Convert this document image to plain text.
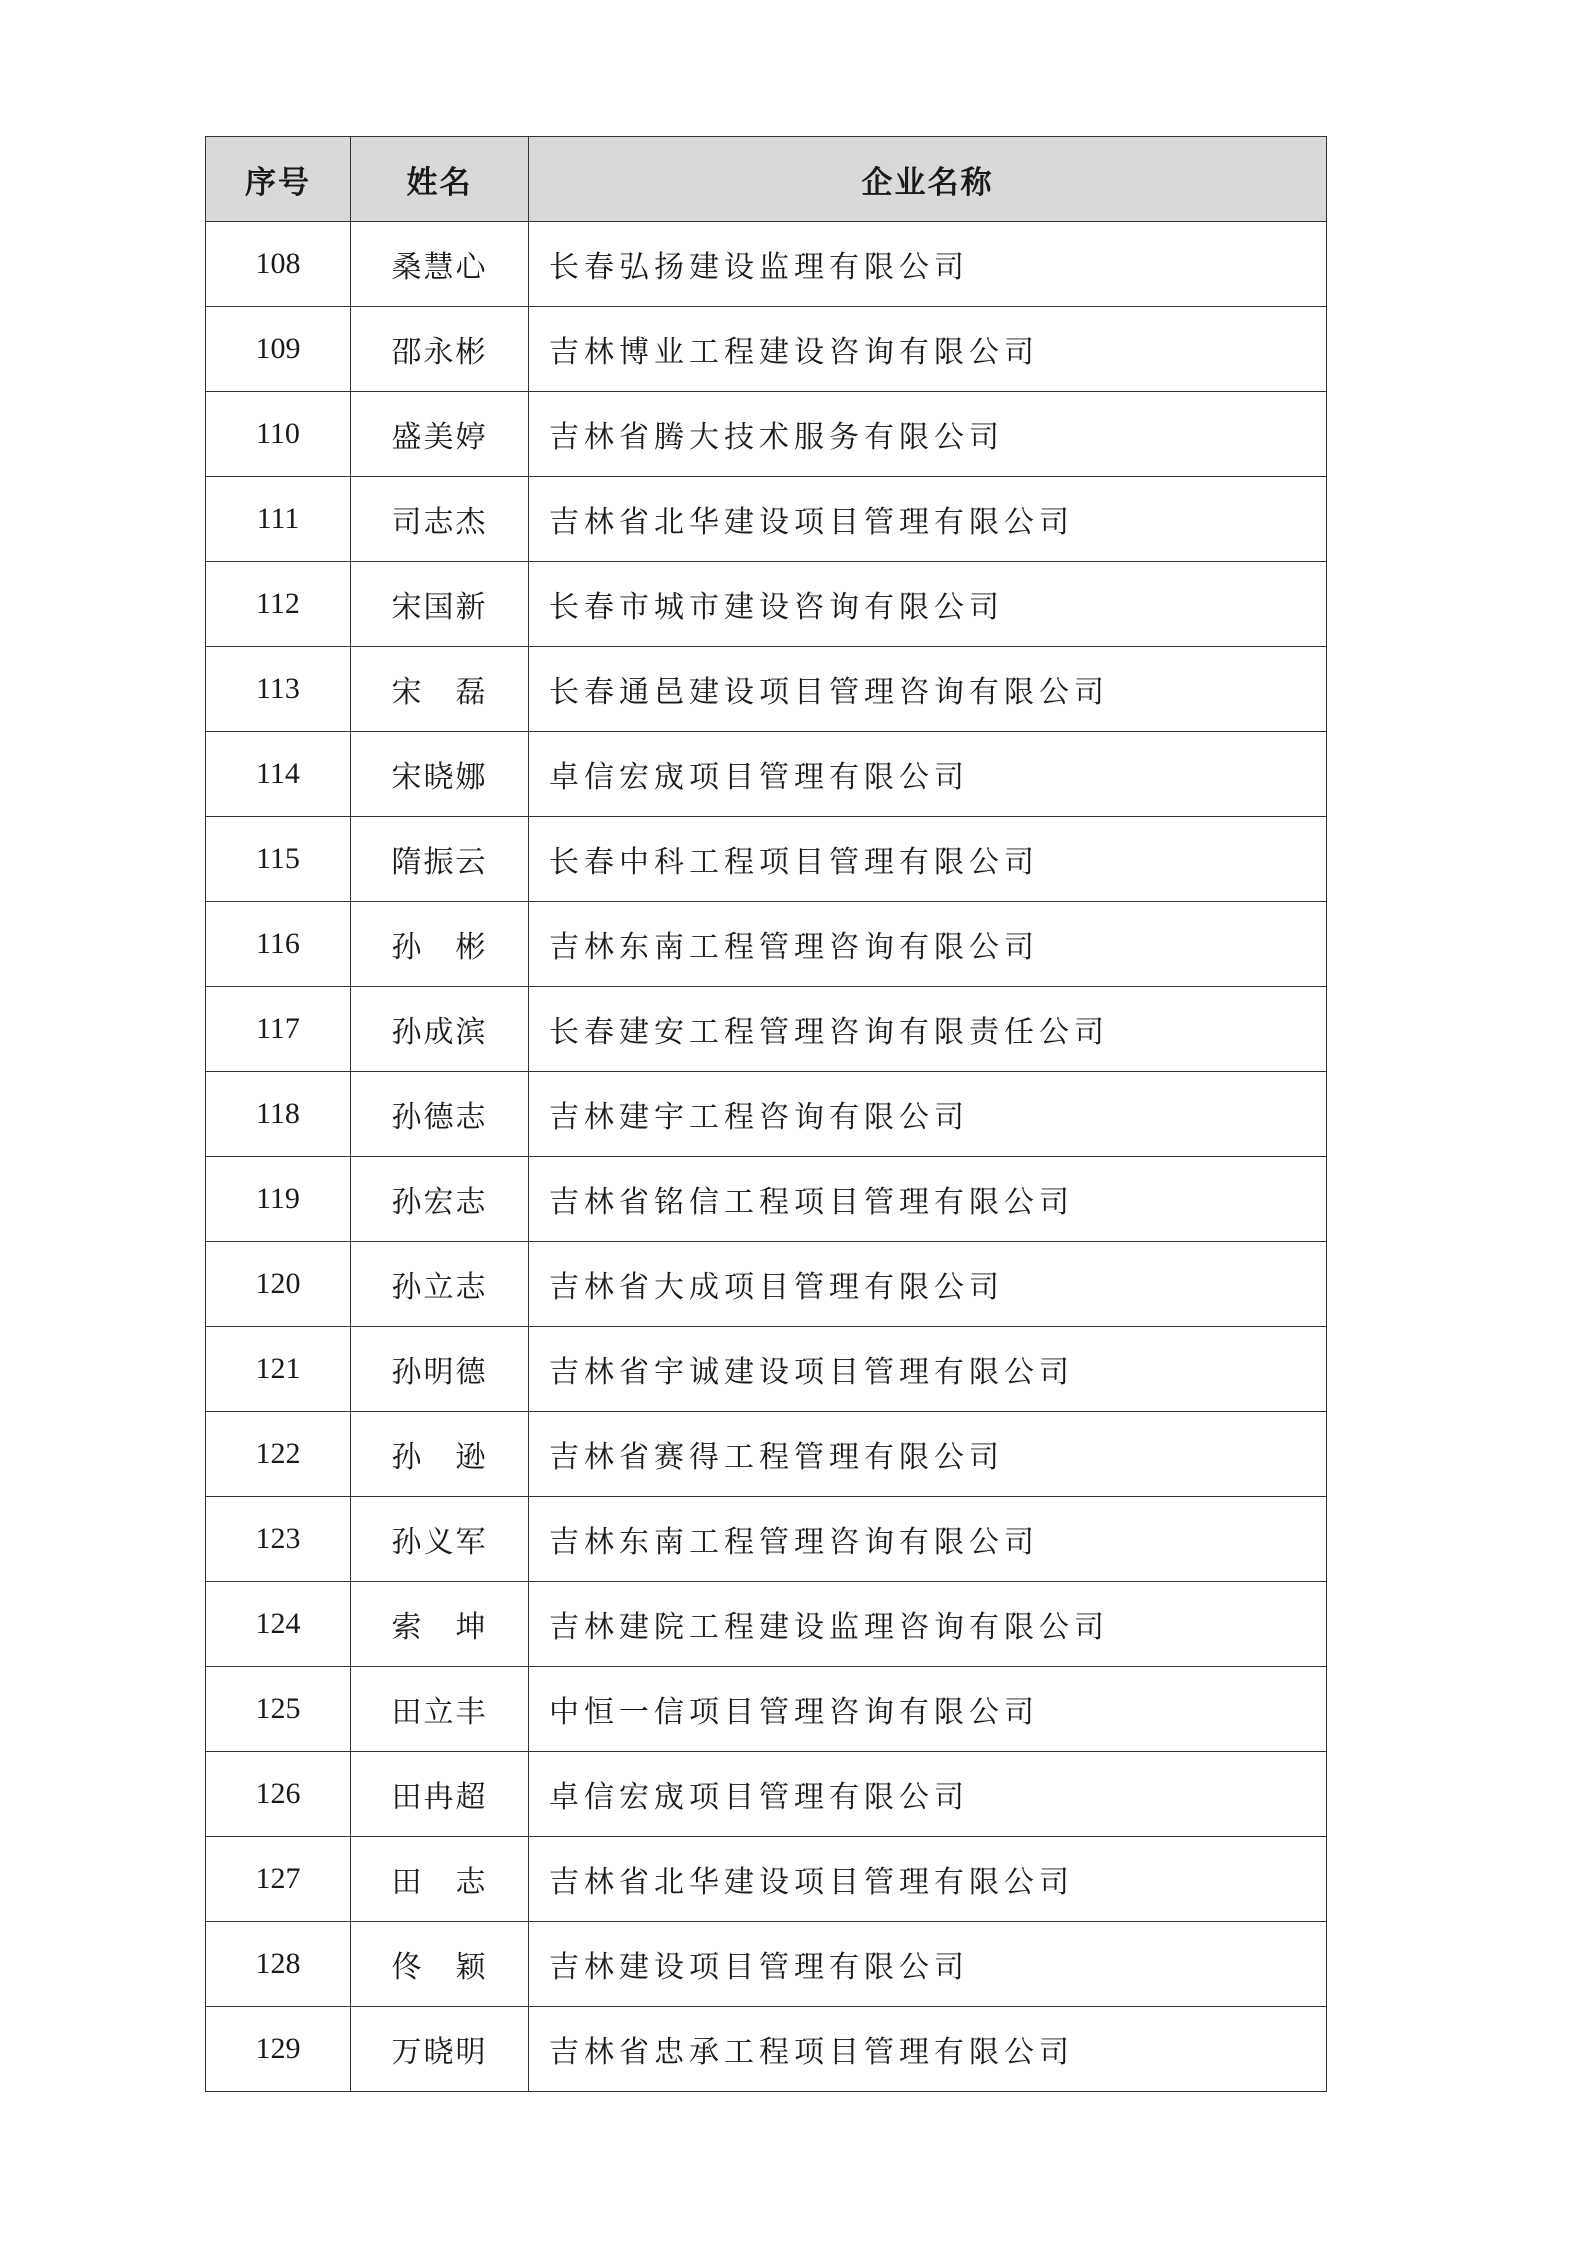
序号	姓名	企业名称
108	桑慧心	长春弘扬建设监理有限公司
109	邵永彬	吉林博业工程建设咨询有限公司
110	盛美婷	吉林省腾大技术服务有限公司
111	司志杰	吉林省北华建设项目管理有限公司
112	宋国新	长春市城市建设咨询有限公司
113	宋　磊	长春通邑建设项目管理咨询有限公司
114	宋晓娜	卓信宏宬项目管理有限公司
115	隋振云	长春中科工程项目管理有限公司
116	孙　彬	吉林东南工程管理咨询有限公司
117	孙成滨	长春建安工程管理咨询有限责任公司
118	孙德志	吉林建宇工程咨询有限公司
119	孙宏志	吉林省铭信工程项目管理有限公司
120	孙立志	吉林省大成项目管理有限公司
121	孙明德	吉林省宇诚建设项目管理有限公司
122	孙　逊	吉林省赛得工程管理有限公司
123	孙义军	吉林东南工程管理咨询有限公司
124	索　坤	吉林建院工程建设监理咨询有限公司
125	田立丰	中恒一信项目管理咨询有限公司
126	田冉超	卓信宏宬项目管理有限公司
127	田　志	吉林省北华建设项目管理有限公司
128	佟　颖	吉林建设项目管理有限公司
129	万晓明	吉林省忠承工程项目管理有限公司
